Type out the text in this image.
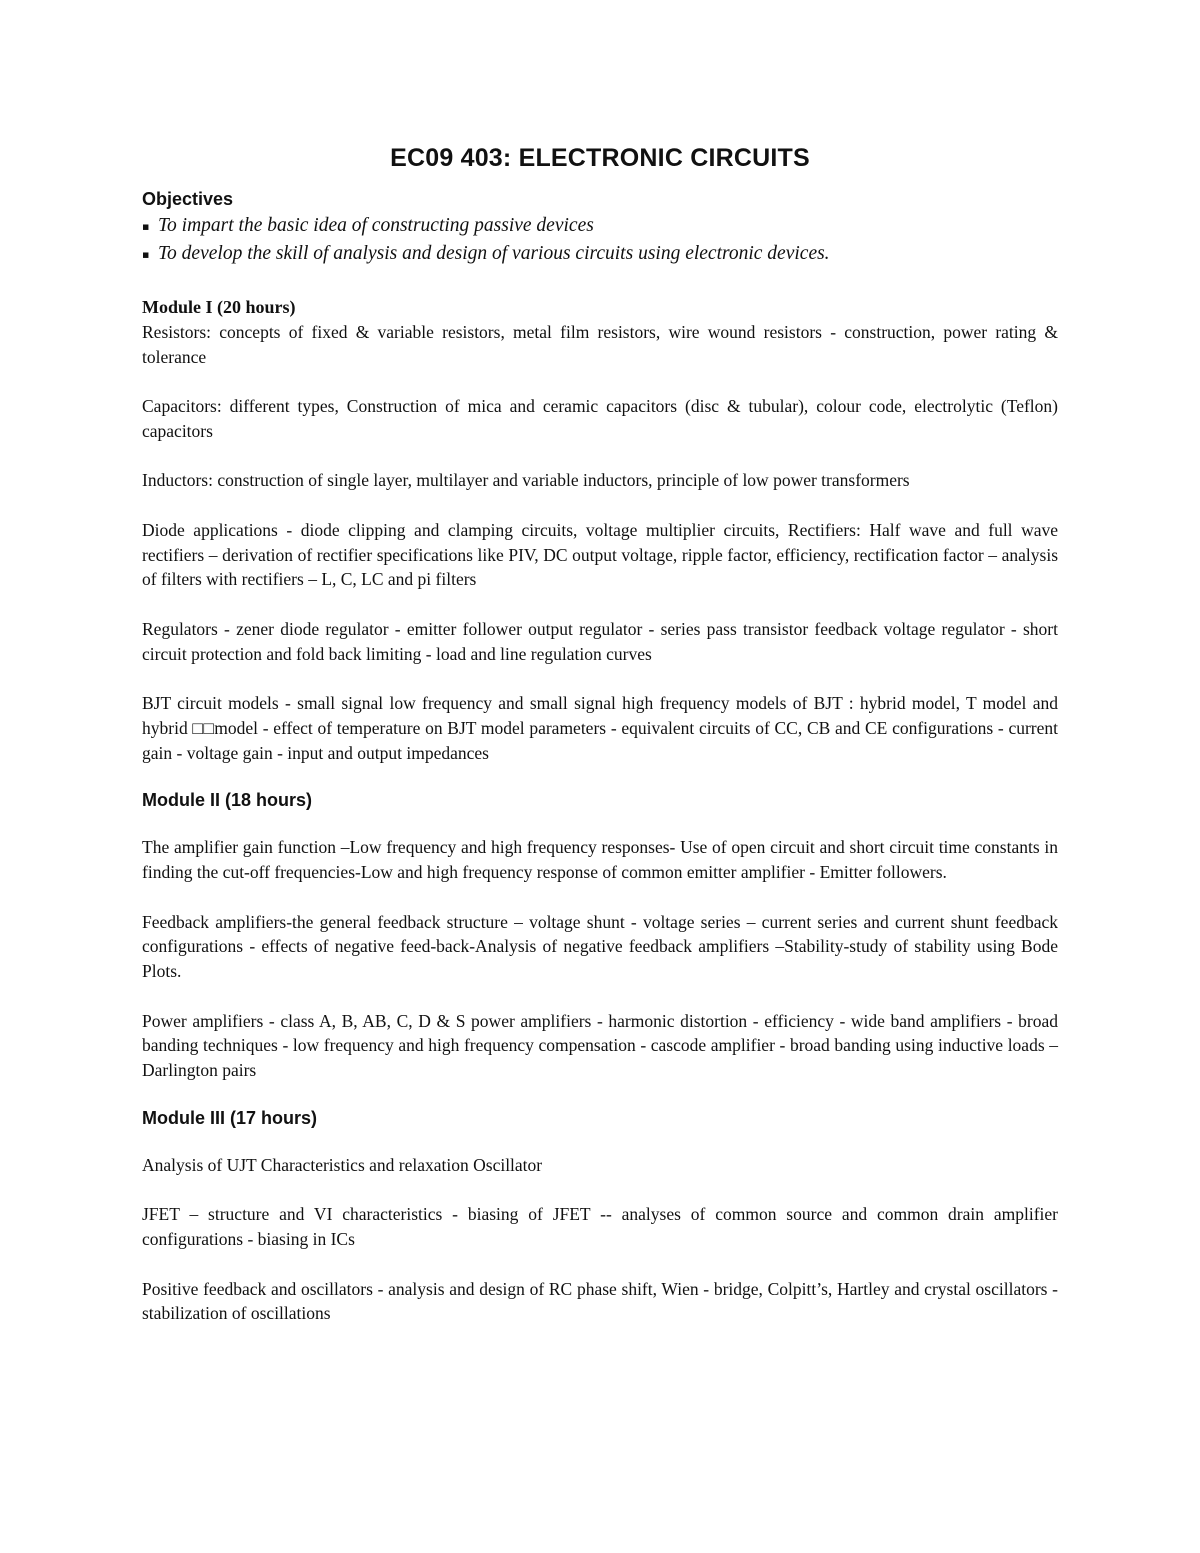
EC09 403: ELECTRONIC CIRCUITS
Objectives
▪ To impart the basic idea of constructing passive devices
▪ To develop the skill of analysis and design of various circuits using electronic devices.
Module I (20 hours)

Resistors: concepts of fixed & variable resistors, metal film resistors, wire wound resistors - construction, power rating & tolerance

Capacitors: different types, Construction of mica and ceramic capacitors (disc & tubular), colour code, electrolytic (Teflon) capacitors

Inductors: construction of single layer, multilayer and variable inductors, principle of low power transformers

Diode applications - diode clipping and clamping circuits, voltage multiplier circuits, Rectifiers: Half wave and full wave rectifiers – derivation of rectifier specifications like PIV, DC output voltage, ripple factor, efficiency, rectification factor – analysis of filters with rectifiers – L, C, LC and pi filters

Regulators - zener diode regulator - emitter follower output regulator - series pass transistor feedback voltage regulator - short circuit protection and fold back limiting - load and line regulation curves

BJT circuit models - small signal low frequency and small signal high frequency models of BJT : hybrid model, T model and hybrid □□model - effect of temperature on BJT model parameters - equivalent circuits of CC, CB and CE configurations - current gain - voltage gain - input and output impedances

Module II (18 hours)

The amplifier gain function –Low frequency and high frequency responses- Use of open circuit and short circuit time constants in finding the cut-off frequencies-Low and high frequency response of common emitter amplifier - Emitter followers.

Feedback amplifiers-the general feedback structure – voltage shunt - voltage series – current series and current shunt feedback configurations - effects of negative feed-back-Analysis of negative feedback amplifiers –Stability-study of stability using Bode Plots.

Power amplifiers - class A, B, AB, C, D & S power amplifiers - harmonic distortion - efficiency - wide band amplifiers - broad banding techniques - low frequency and high frequency compensation - cascode amplifier - broad banding using inductive loads – Darlington pairs

Module III (17 hours)

Analysis of UJT Characteristics and relaxation Oscillator

JFET – structure and VI characteristics - biasing of JFET -- analyses of common source and common drain amplifier configurations - biasing in ICs

Positive feedback and oscillators - analysis and design of RC phase shift, Wien - bridge, Colpitt’s, Hartley and crystal oscillators - stabilization of oscillations
